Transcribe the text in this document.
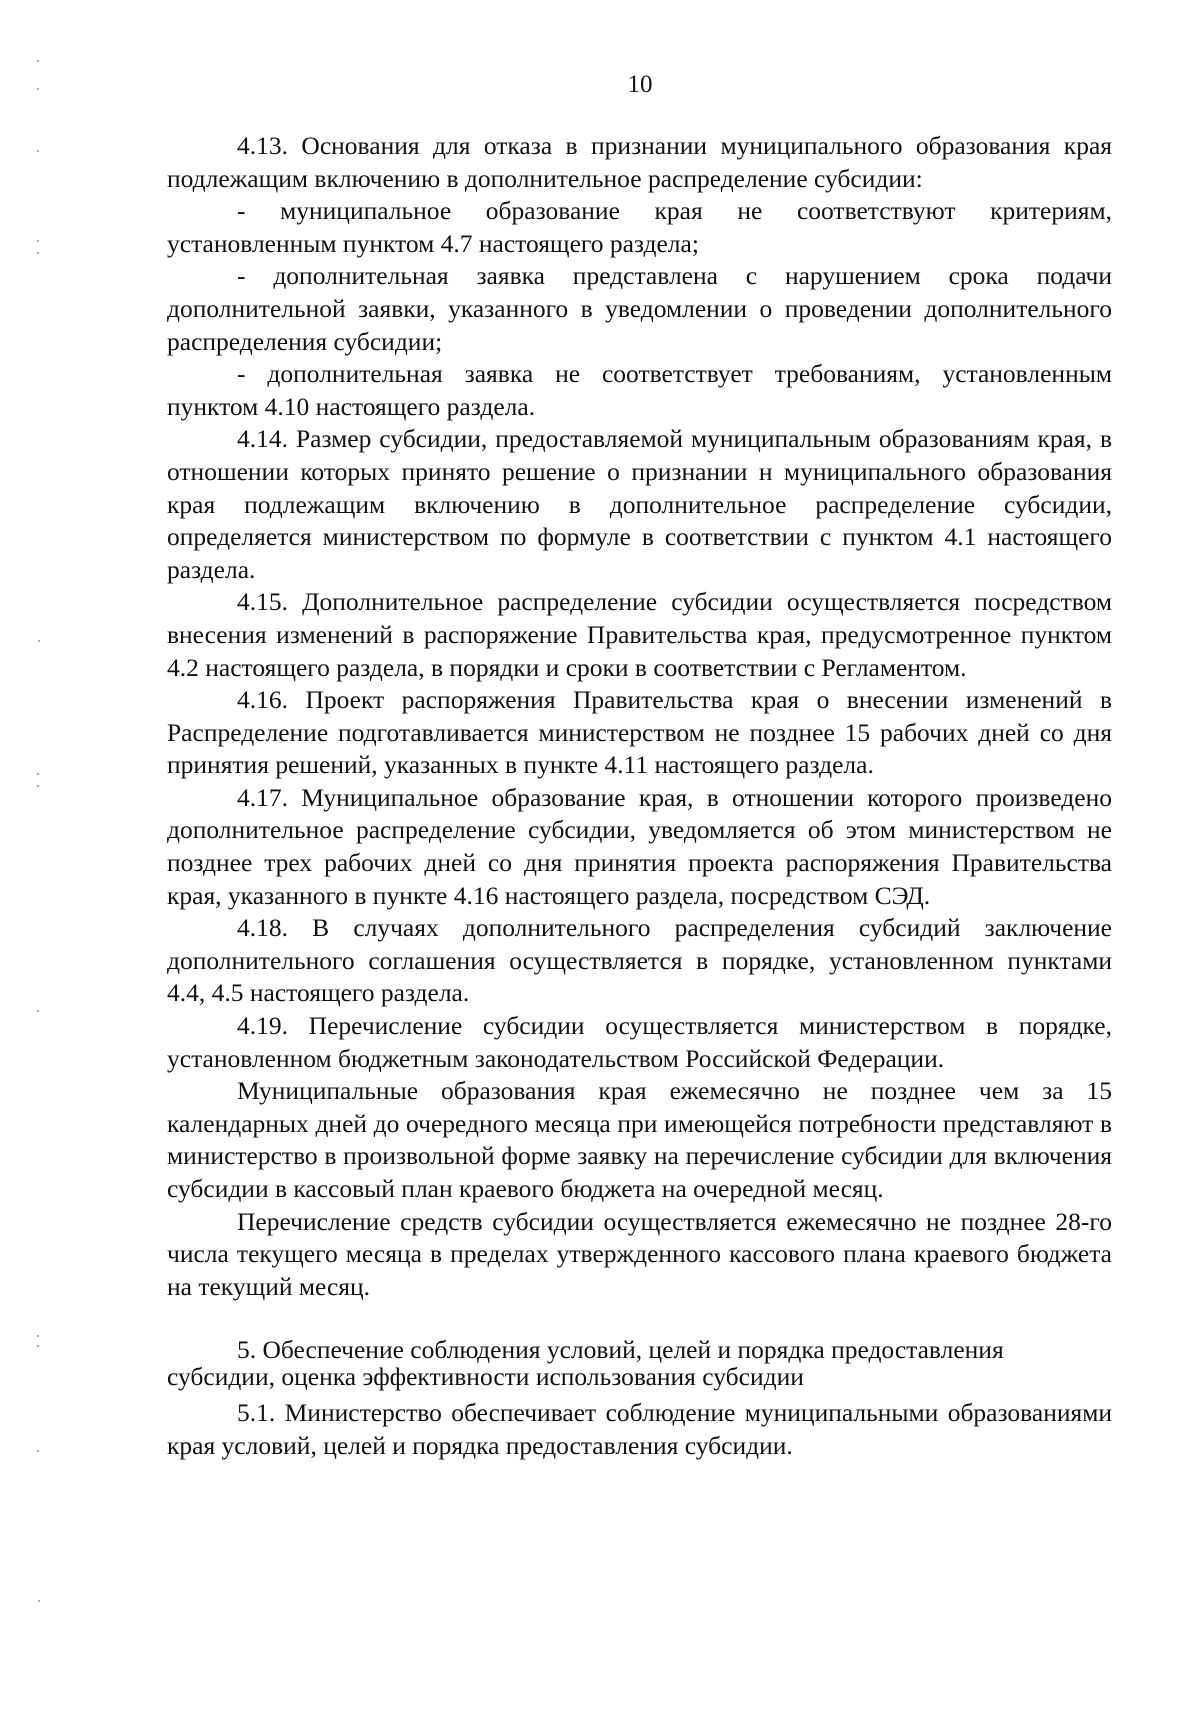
10

4.13. Основания для отказа в признании муниципального образования края подлежащим включению в дополнительное распределение субсидии:

- муниципальное образование края не соответствуют критериям, установленным пунктом 4.7 настоящего раздела;

- дополнительная заявка представлена с нарушением срока подачи дополнительной заявки, указанного в уведомлении о проведении дополнительного распределения субсидии;

- дополнительная заявка не соответствует требованиям, установленным пунктом 4.10 настоящего раздела.

4.14. Размер субсидии, предоставляемой муниципальным образованиям края, в отношении которых принято решение о признании н муниципального образования края подлежащим включению в дополнительное распределение субсидии, определяется министерством по формуле в соответствии с пунктом 4.1 настоящего раздела.

4.15. Дополнительное распределение субсидии осуществляется посредством внесения изменений в распоряжение Правительства края, предусмотренное пунктом 4.2 настоящего раздела, в порядки и сроки в соответствии с Регламентом.

4.16. Проект распоряжения Правительства края о внесении изменений в Распределение подготавливается министерством не позднее 15 рабочих дней со дня принятия решений, указанных в пункте 4.11 настоящего раздела.

4.17. Муниципальное образование края, в отношении которого произведено дополнительное распределение субсидии, уведомляется об этом министерством не позднее трех рабочих дней со дня принятия проекта распоряжения Правительства края, указанного в пункте 4.16 настоящего раздела, посредством СЭД.

4.18. В случаях дополнительного распределения субсидий заключение дополнительного соглашения осуществляется в порядке, установленном пунктами 4.4, 4.5 настоящего раздела.

4.19. Перечисление субсидии осуществляется министерством в порядке, установленном бюджетным законодательством Российской Федерации.

Муниципальные образования края ежемесячно не позднее чем за 15 календарных дней до очередного месяца при имеющейся потребности представляют в министерство в произвольной форме заявку на перечисление субсидии для включения субсидии в кассовый план краевого бюджета на очередной месяц.

Перечисление средств субсидии осуществляется ежемесячно не позднее 28-го числа текущего месяца в пределах утвержденного кассового плана краевого бюджета на текущий месяц.

5. Обеспечение соблюдения условий, целей и порядка предоставления субсидии, оценка эффективности использования субсидии

5.1. Министерство обеспечивает соблюдение муниципальными образованиями края условий, целей и порядка предоставления субсидии.
